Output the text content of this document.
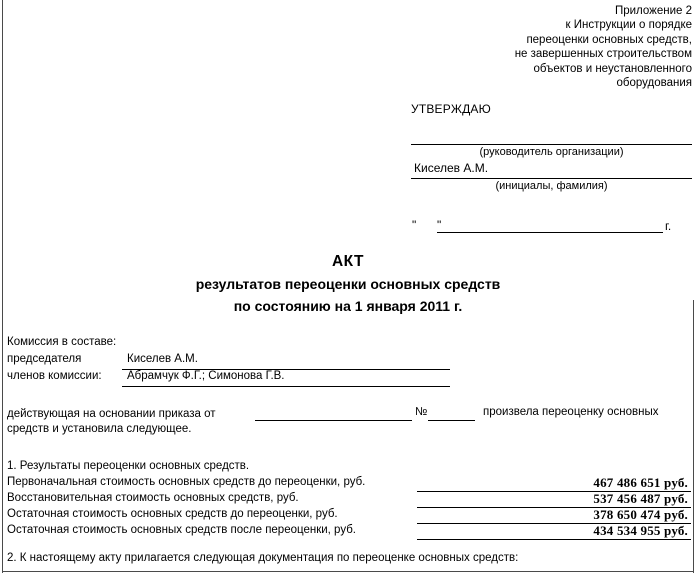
Приложение 2
к Инструкции о порядке
переоценки основных средств,
не завершенных строительством
объектов и неустановленного
оборудования
УТВЕРЖДАЮ
(руководитель организации)
Киселев А.М.
(инициалы, фамилия)
" "	г.
АКТ
результатов переоценки основных средств
по состоянию на 1 января 2011 г.
Комиссия в составе:
председателя	Киселев А.М.
членов комиссии: Абрамчук Ф.Г.; Симонова Г.В.
действующая на основании приказа от	№	произвела переоценку основных
средств и установила следующее.
1. Результаты переоценки основных средств.
Первоначальная стоимость основных средств до переоценки, руб.	467 486 651 руб.
Восстановительная стоимость основных средств, руб.	537 456 487 руб.
Остаточная стоимость основных средств до переоценки, руб.	378 650 474 руб.
Остаточная стоимость основных средств после переоценки, руб.	434 534 955 руб.
2. К настоящему акту прилагается следующая документация по переоценке основных средств:
